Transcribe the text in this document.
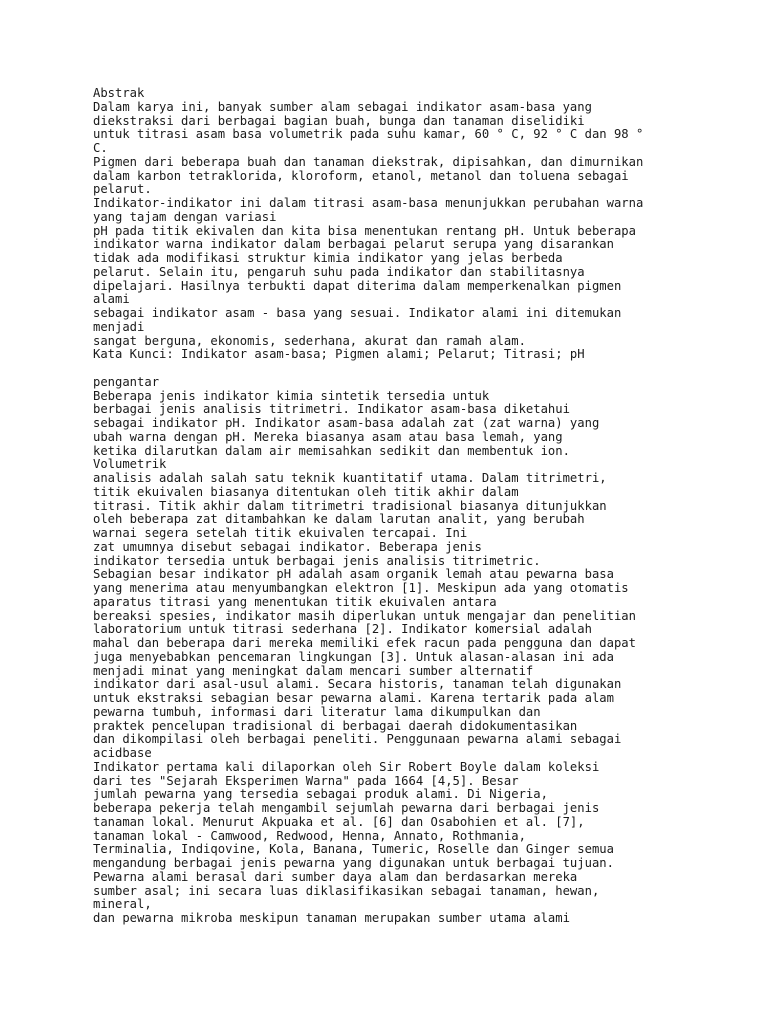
Abstrak
Dalam karya ini, banyak sumber alam sebagai indikator asam-basa yang
diekstraksi dari berbagai bagian buah, bunga dan tanaman diselidiki
untuk titrasi asam basa volumetrik pada suhu kamar, 60 ° C, 92 ° C dan 98 °
C.
Pigmen dari beberapa buah dan tanaman diekstrak, dipisahkan, dan dimurnikan
dalam karbon tetraklorida, kloroform, etanol, metanol dan toluena sebagai
pelarut.
Indikator-indikator ini dalam titrasi asam-basa menunjukkan perubahan warna
yang tajam dengan variasi
pH pada titik ekivalen dan kita bisa menentukan rentang pH. Untuk beberapa
indikator warna indikator dalam berbagai pelarut serupa yang disarankan
tidak ada modifikasi struktur kimia indikator yang jelas berbeda
pelarut. Selain itu, pengaruh suhu pada indikator dan stabilitasnya
dipelajari. Hasilnya terbukti dapat diterima dalam memperkenalkan pigmen
alami
sebagai indikator asam - basa yang sesuai. Indikator alami ini ditemukan
menjadi
sangat berguna, ekonomis, sederhana, akurat dan ramah alam.
Kata Kunci: Indikator asam-basa; Pigmen alami; Pelarut; Titrasi; pH
pengantar
Beberapa jenis indikator kimia sintetik tersedia untuk
berbagai jenis analisis titrimetri. Indikator asam-basa diketahui
sebagai indikator pH. Indikator asam-basa adalah zat (zat warna) yang
ubah warna dengan pH. Mereka biasanya asam atau basa lemah, yang
ketika dilarutkan dalam air memisahkan sedikit dan membentuk ion.
Volumetrik
analisis adalah salah satu teknik kuantitatif utama. Dalam titrimetri,
titik ekuivalen biasanya ditentukan oleh titik akhir dalam
titrasi. Titik akhir dalam titrimetri tradisional biasanya ditunjukkan
oleh beberapa zat ditambahkan ke dalam larutan analit, yang berubah
warnai segera setelah titik ekuivalen tercapai. Ini
zat umumnya disebut sebagai indikator. Beberapa jenis
indikator tersedia untuk berbagai jenis analisis titrimetric.
Sebagian besar indikator pH adalah asam organik lemah atau pewarna basa
yang menerima atau menyumbangkan elektron [1]. Meskipun ada yang otomatis
aparatus titrasi yang menentukan titik ekuivalen antara
bereaksi spesies, indikator masih diperlukan untuk mengajar dan penelitian
laboratorium untuk titrasi sederhana [2]. Indikator komersial adalah
mahal dan beberapa dari mereka memiliki efek racun pada pengguna dan dapat
juga menyebabkan pencemaran lingkungan [3]. Untuk alasan-alasan ini ada
menjadi minat yang meningkat dalam mencari sumber alternatif
indikator dari asal-usul alami. Secara historis, tanaman telah digunakan
untuk ekstraksi sebagian besar pewarna alami. Karena tertarik pada alam
pewarna tumbuh, informasi dari literatur lama dikumpulkan dan
praktek pencelupan tradisional di berbagai daerah didokumentasikan
dan dikompilasi oleh berbagai peneliti. Penggunaan pewarna alami sebagai
acidbase
Indikator pertama kali dilaporkan oleh Sir Robert Boyle dalam koleksi
dari tes "Sejarah Eksperimen Warna" pada 1664 [4,5]. Besar
jumlah pewarna yang tersedia sebagai produk alami. Di Nigeria,
beberapa pekerja telah mengambil sejumlah pewarna dari berbagai jenis
tanaman lokal. Menurut Akpuaka et al. [6] dan Osabohien et al. [7],
tanaman lokal - Camwood, Redwood, Henna, Annato, Rothmania,
Terminalia, Indiqovine, Kola, Banana, Tumeric, Roselle dan Ginger semua
mengandung berbagai jenis pewarna yang digunakan untuk berbagai tujuan.
Pewarna alami berasal dari sumber daya alam dan berdasarkan mereka
sumber asal; ini secara luas diklasifikasikan sebagai tanaman, hewan,
mineral,
dan pewarna mikroba meskipun tanaman merupakan sumber utama alami
